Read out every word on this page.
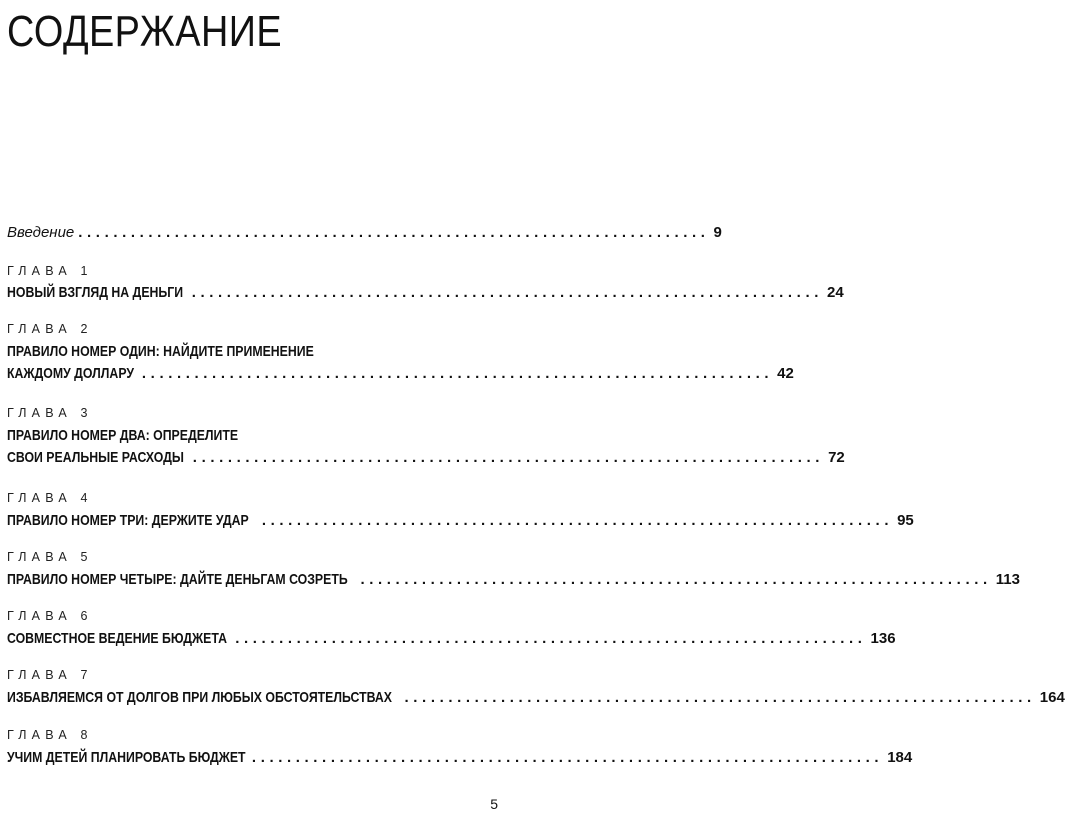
СОДЕРЖАНИЕ
Введение ........................................................................ 9
ГЛАВА 1
НОВЫЙ ВЗГЛЯД НА ДЕНЬГИ ........................................................................ 24
ГЛАВА 2
ПРАВИЛО НОМЕР ОДИН: НАЙДИТЕ ПРИМЕНЕНИЕ
КАЖДОМУ ДОЛЛАРУ ........................................................................ 42
ГЛАВА 3
ПРАВИЛО НОМЕР ДВА: ОПРЕДЕЛИТЕ
СВОИ РЕАЛЬНЫЕ РАСХОДЫ ........................................................................ 72
ГЛАВА 4
ПРАВИЛО НОМЕР ТРИ: ДЕРЖИТЕ УДАР ........................................................................ 95
ГЛАВА 5
ПРАВИЛО НОМЕР ЧЕТЫРЕ: ДАЙТЕ ДЕНЬГАМ СОЗРЕТЬ ........................................................................ 113
ГЛАВА 6
СОВМЕСТНОЕ ВЕДЕНИЕ БЮДЖЕТА ........................................................................ 136
ГЛАВА 7
ИЗБАВЛЯЕМСЯ ОТ ДОЛГОВ ПРИ ЛЮБЫХ ОБСТОЯТЕЛЬСТВАХ ........................................................................ 164
ГЛАВА 8
УЧИМ ДЕТЕЙ ПЛАНИРОВАТЬ БЮДЖЕТ ........................................................................ 184
5
